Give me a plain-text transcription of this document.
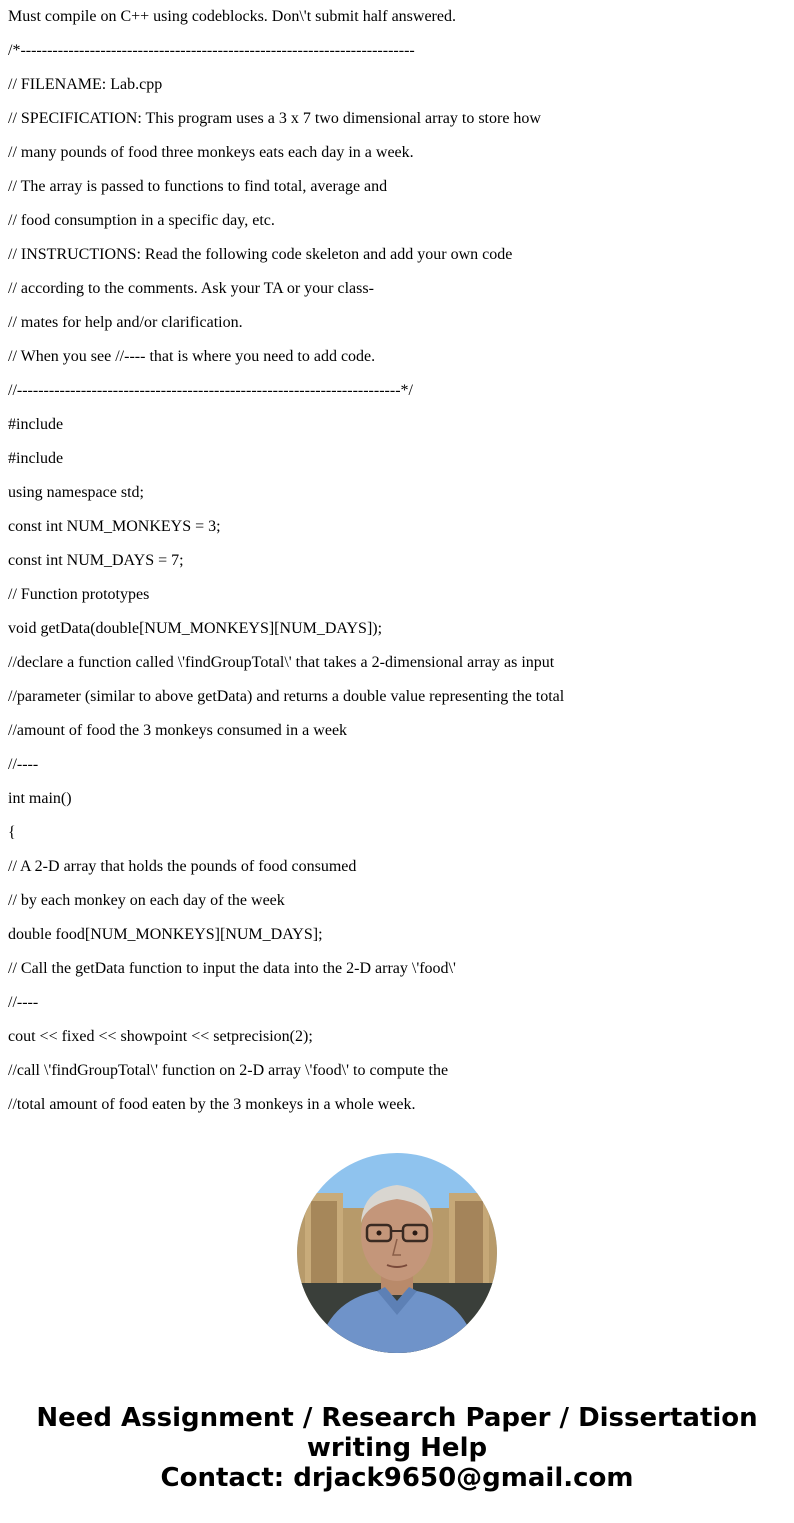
Must compile on C++ using codeblocks. Don\'t submit half answered.
/*--------------------------------------------------------------------------
// FILENAME: Lab.cpp
// SPECIFICATION: This program uses a 3 x 7 two dimensional array to store how
// many pounds of food three monkeys eats each day in a week.
// The array is passed to functions to find total, average and
// food consumption in a specific day, etc.
// INSTRUCTIONS: Read the following code skeleton and add your own code
// according to the comments. Ask your TA or your class-
// mates for help and/or clarification.
// When you see //---- that is where you need to add code.
//------------------------------------------------------------------------*/
#include
#include
using namespace std;
const int NUM_MONKEYS = 3;
const int NUM_DAYS = 7;
// Function prototypes
void getData(double[NUM_MONKEYS][NUM_DAYS]);
//declare a function called \'findGroupTotal\' that takes a 2-dimensional array as input
//parameter (similar to above getData) and returns a double value representing the total
//amount of food the 3 monkeys consumed in a week
//----
int main()
{
// A 2-D array that holds the pounds of food consumed
// by each monkey on each day of the week
double food[NUM_MONKEYS][NUM_DAYS];
// Call the getData function to input the data into the 2-D array \'food\'
//----
cout << fixed << showpoint << setprecision(2);
//call \'findGroupTotal\' function on 2-D array \'food\' to compute the
//total amount of food eaten by the 3 monkeys in a whole week.
Need Assignment / Research Paper / Dissertation
writing Help
Contact: drjack9650@gmail.com
